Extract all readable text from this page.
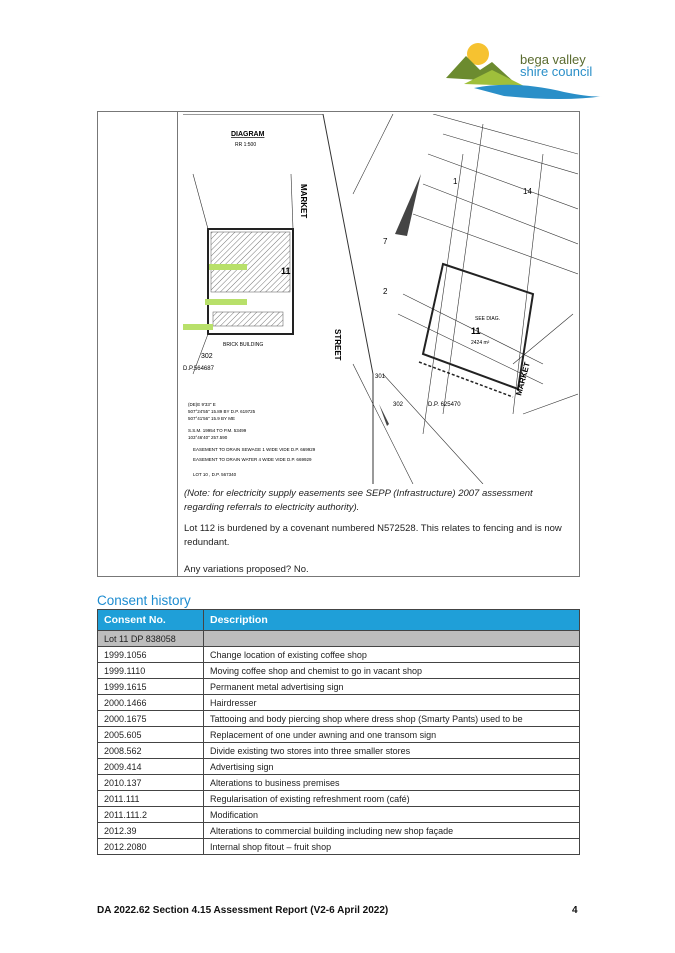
bega valley
shire council
DIAGRAM
RR 1:500
11
MARKET
STREET
BRICK BUILDING
302
D.P.564687
(DE)E 9'33" E
507°24'55" 15.89 BY D.P. 619725
507°41'56" 15.9 BY ME
S.S.M. 19954 TO P.M. 53499
103°46'40" 257.590
EASEMENT TO DRAIN SEWAGE 1 WIDE VIDE D.P. 669929
EASEMENT TO DRAIN WATER 4 WIDE VIDE D.P. 669929
LOT 10 , D.P. 567340
SEE DIAG.
11
2424 m²
MARKET
D.P. 625470
302
301
14
1
7
2
(Note: for electricity supply easements see SEPP (Infrastructure) 2007 assessment regarding referrals to electricity authority).
Lot 112 is burdened by a covenant numbered N572528. This relates to fencing and is now redundant.
Any variations proposed? No.
Consent history
Consent No.	Description
Lot 11 DP 838058	
1999.1056	Change location of existing coffee shop
1999.1110	Moving coffee shop and chemist to go in vacant shop
1999.1615	Permanent metal advertising sign
2000.1466	Hairdresser
2000.1675	Tattooing and body piercing shop where dress shop (Smarty Pants) used to be
2005.605	Replacement of one under awning and one transom sign
2008.562	Divide existing two stores into three smaller stores
2009.414	Advertising sign
2010.137	Alterations to business premises
2011.111	Regularisation of existing refreshment room (café)
2011.111.2	Modification
2012.39	Alterations to commercial building including new shop façade
2012.2080	Internal shop fitout – fruit shop
DA 2022.62 Section 4.15 Assessment Report (V2-6 April 2022)	4
